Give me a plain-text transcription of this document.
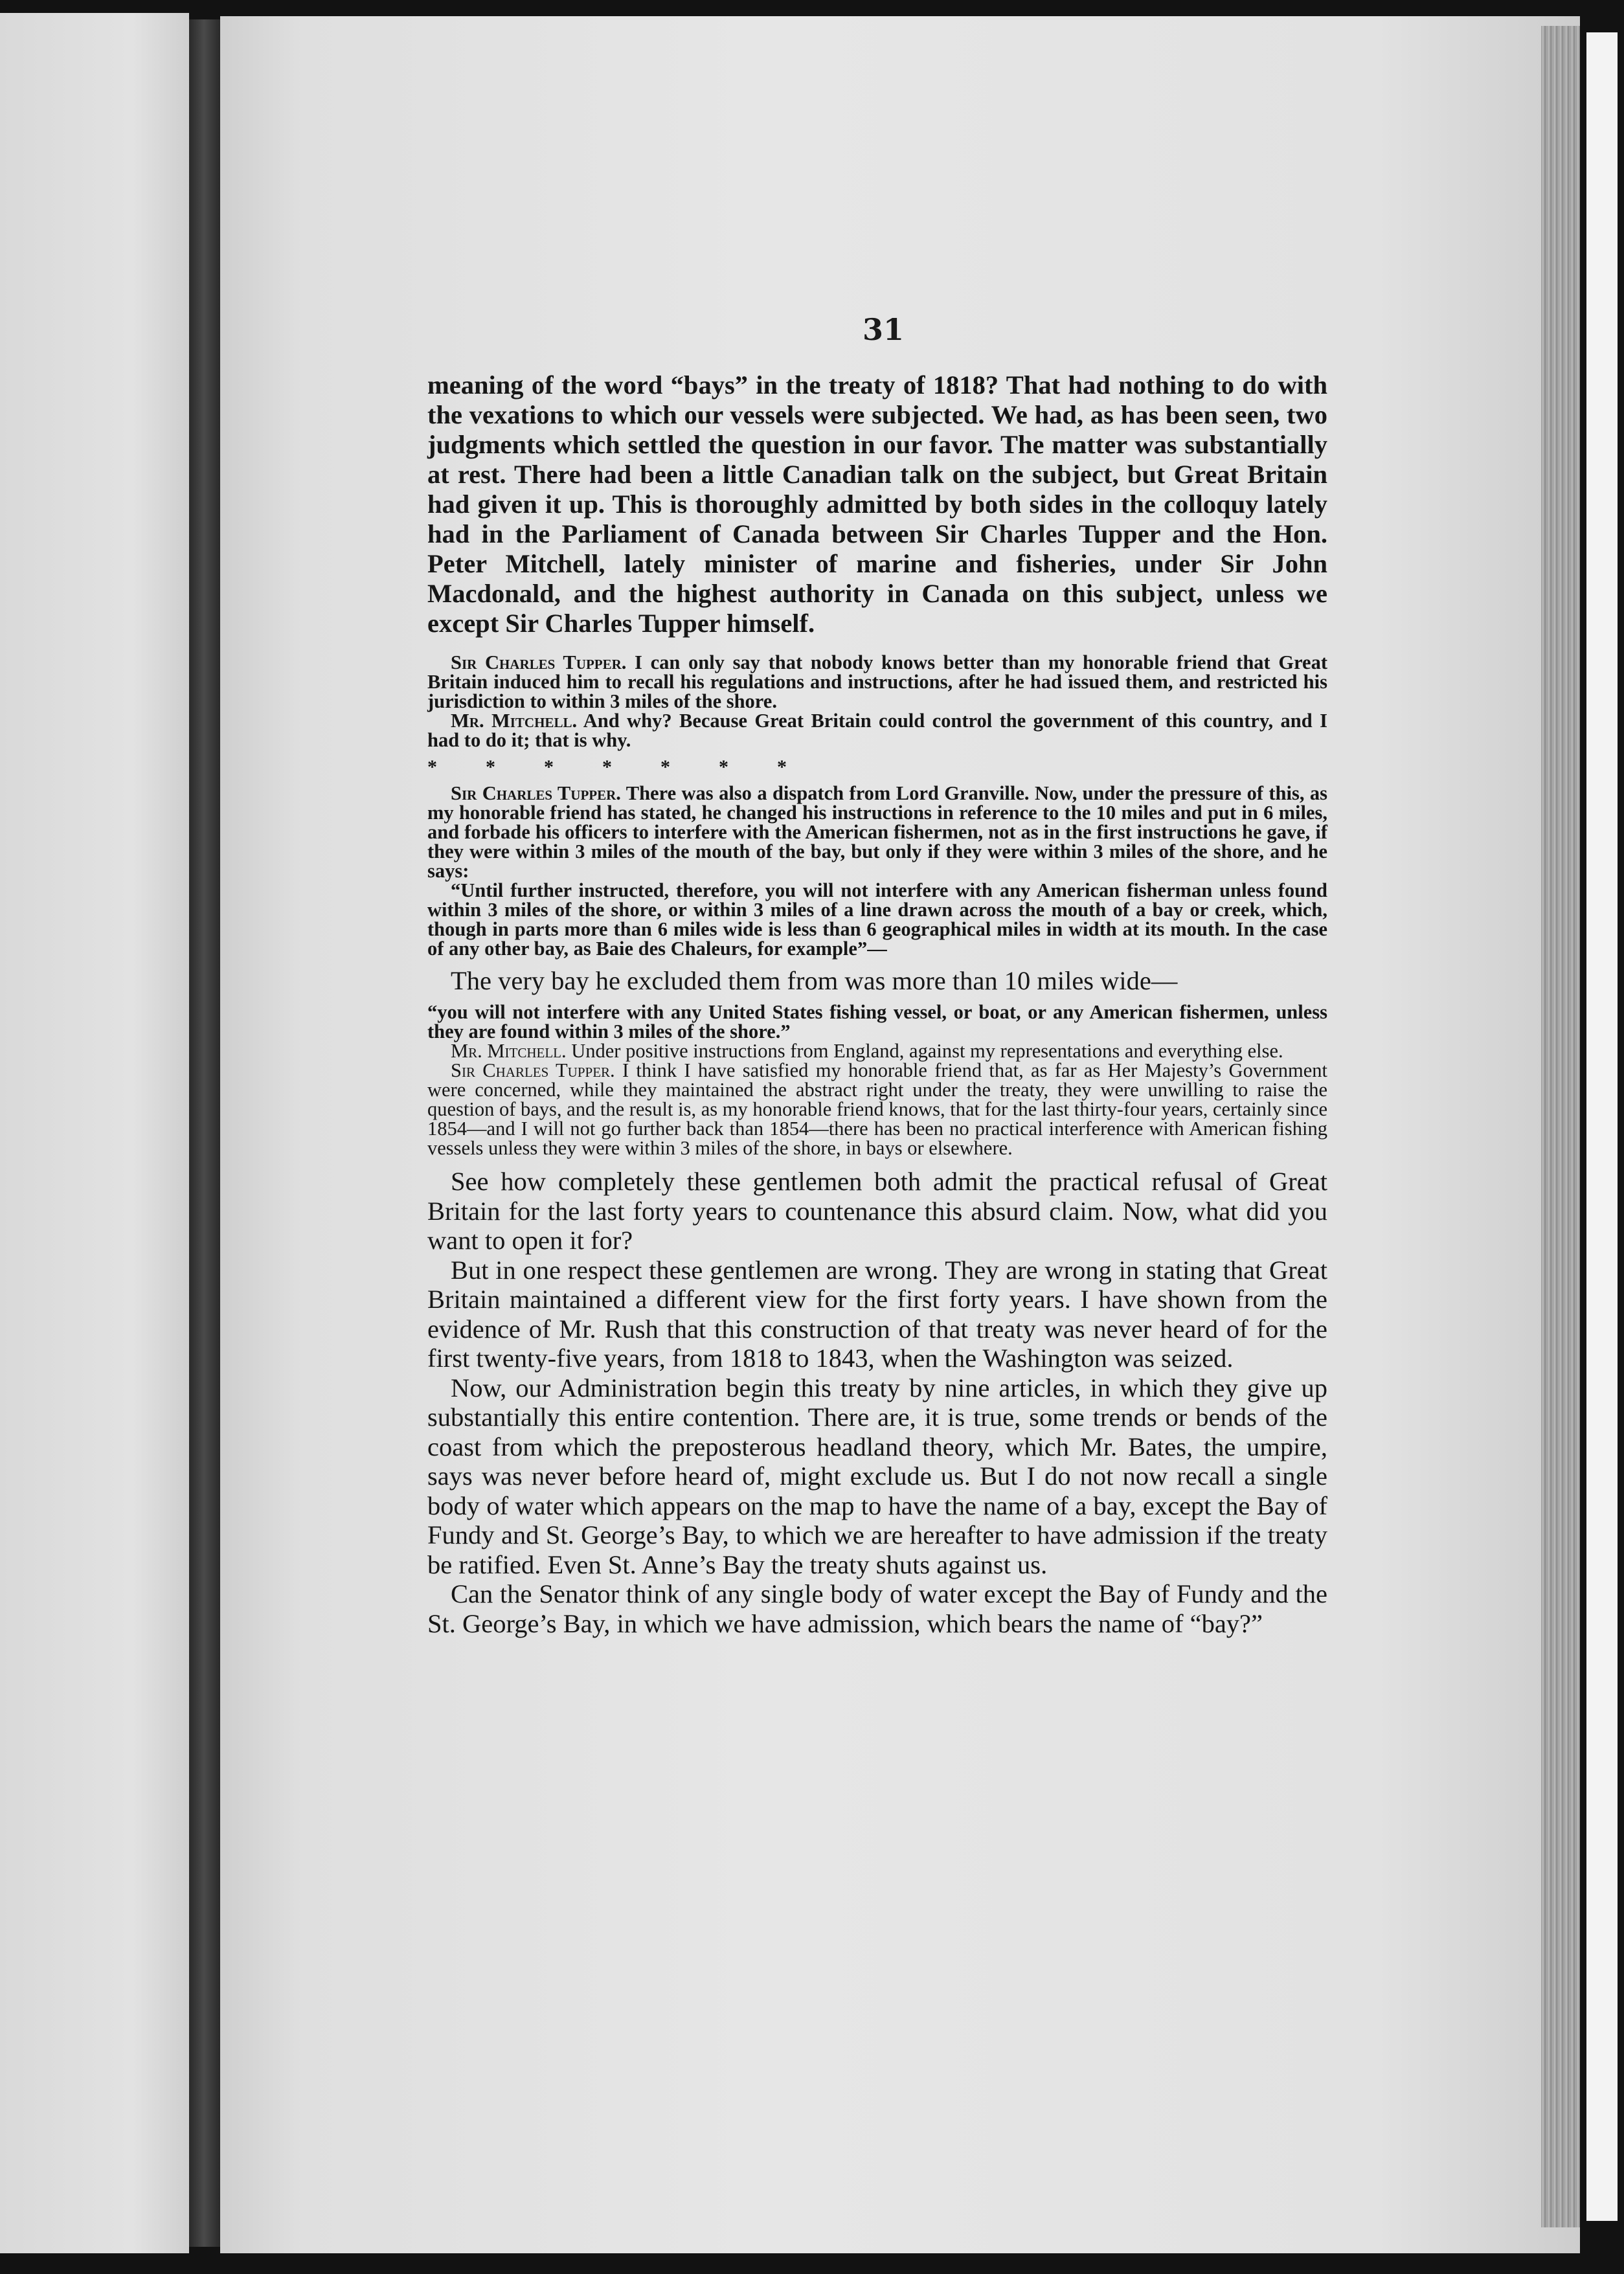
31

meaning of the word “bays” in the treaty of 1818? That had nothing to do with the vexations to which our vessels were subjected. We had, as has been seen, two judgments which settled the question in our favor. The matter was substantially at rest. There had been a little Canadian talk on the subject, but Great Britain had given it up. This is thoroughly admitted by both sides in the colloquy lately had in the Parliament of Canada between Sir Charles Tupper and the Hon. Peter Mitchell, lately minister of marine and fisheries, under Sir John Macdonald, and the highest authority in Canada on this subject, unless we except Sir Charles Tupper himself.

Sir Charles Tupper. I can only say that nobody knows better than my honorable friend that Great Britain induced him to recall his regulations and instructions, after he had issued them, and restricted his jurisdiction to within 3 miles of the shore.

Mr. Mitchell. And why? Because Great Britain could control the government of this country, and I had to do it; that is why.

*          *          *          *          *          *          *

Sir Charles Tupper. There was also a dispatch from Lord Granville. Now, under the pressure of this, as my honorable friend has stated, he changed his instructions in reference to the 10 miles and put in 6 miles, and forbade his officers to interfere with the American fishermen, not as in the first instructions he gave, if they were within 3 miles of the mouth of the bay, but only if they were within 3 miles of the shore, and he says:

“Until further instructed, therefore, you will not interfere with any American fisherman unless found within 3 miles of the shore, or within 3 miles of a line drawn across the mouth of a bay or creek, which, though in parts more than 6 miles wide is less than 6 geographical miles in width at its mouth. In the case of any other bay, as Baie des Chaleurs, for example”—

The very bay he excluded them from was more than 10 miles wide—

“you will not interfere with any United States fishing vessel, or boat, or any American fishermen, unless they are found within 3 miles of the shore.”

Mr. Mitchell. Under positive instructions from England, against my representations and everything else.

Sir Charles Tupper. I think I have satisfied my honorable friend that, as far as Her Majesty’s Government were concerned, while they maintained the abstract right under the treaty, they were unwilling to raise the question of bays, and the result is, as my honorable friend knows, that for the last thirty-four years, certainly since 1854—and I will not go further back than 1854—there has been no practical interference with American fishing vessels unless they were within 3 miles of the shore, in bays or elsewhere.

See how completely these gentlemen both admit the practical refusal of Great Britain for the last forty years to countenance this absurd claim. Now, what did you want to open it for?

But in one respect these gentlemen are wrong. They are wrong in stating that Great Britain maintained a different view for the first forty years. I have shown from the evidence of Mr. Rush that this construction of that treaty was never heard of for the first twenty-five years, from 1818 to 1843, when the Washington was seized.

Now, our Administration begin this treaty by nine articles, in which they give up substantially this entire contention. There are, it is true, some trends or bends of the coast from which the preposterous headland theory, which Mr. Bates, the umpire, says was never before heard of, might exclude us. But I do not now recall a single body of water which appears on the map to have the name of a bay, except the Bay of Fundy and St. George’s Bay, to which we are hereafter to have admission if the treaty be ratified. Even St. Anne’s Bay the treaty shuts against us.

Can the Senator think of any single body of water except the Bay of Fundy and the St. George’s Bay, in which we have admission, which bears the name of “bay?”
